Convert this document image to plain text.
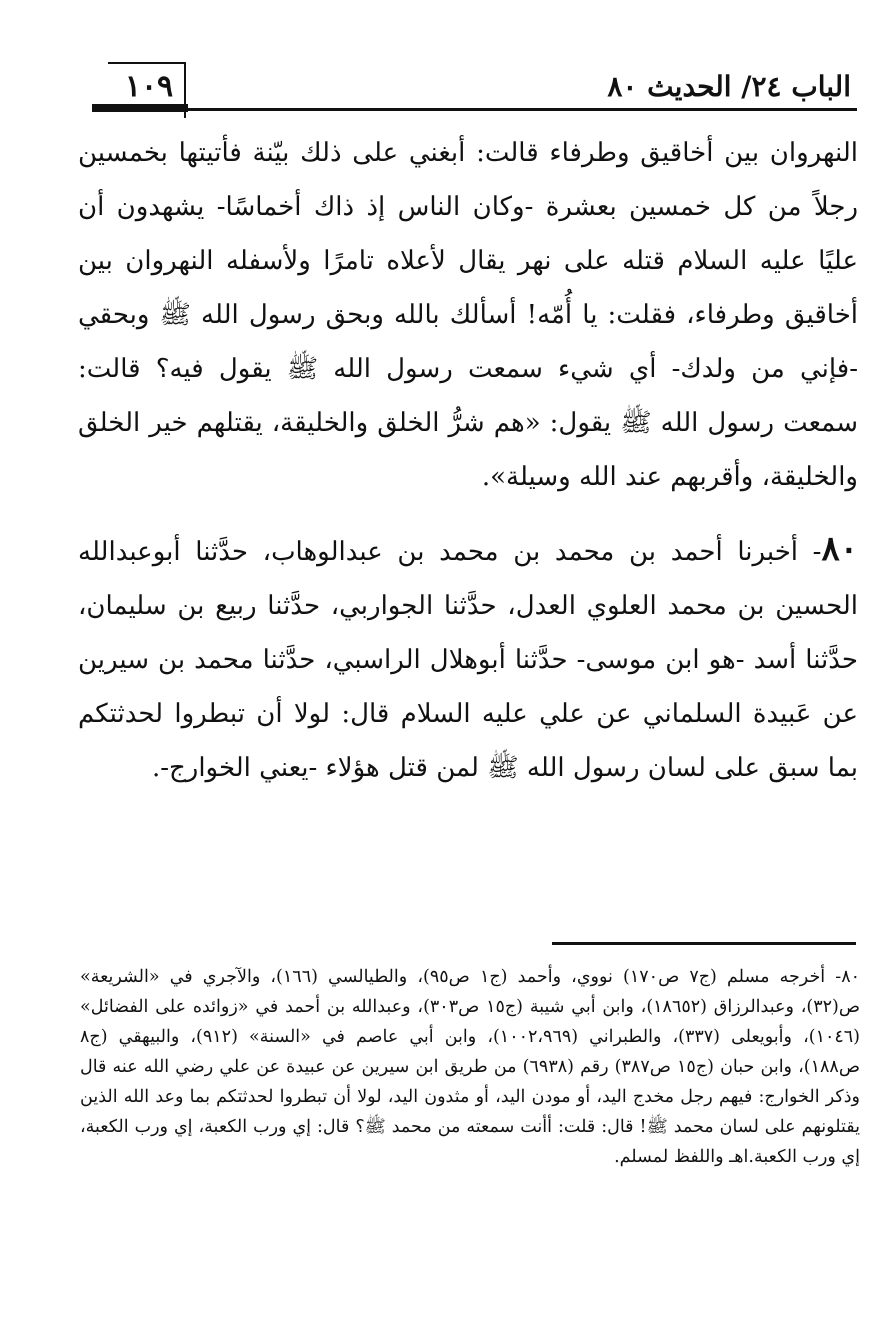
١٠٩	الباب ٢٤/ الحديث ٨٠

النهروان بين أخاقيق وطرفاء قالت: أبغني على ذلك بيّنة فأتيتها بخمسين رجلاً من كل خمسين بعشرة -وكان الناس إذ ذاك أخماسًا- يشهدون أن عليًا عليه السلام قتله على نهر يقال لأعلاه تامرًا ولأسفله النهروان بين أخاقيق وطرفاء، فقلت: يا أُمّه! أسألك بالله وبحق رسول الله ﷺ وبحقي -فإني من ولدك- أي شيء سمعت رسول الله ﷺ يقول فيه؟ قالت: سمعت رسول الله ﷺ يقول: «هم شرُّ الخلق والخليقة، يقتلهم خير الخلق والخليقة، وأقربهم عند الله وسيلة».

٨٠- أخبرنا أحمد بن محمد بن محمد بن عبدالوهاب، حدَّثنا أبوعبدالله الحسين بن محمد العلوي العدل، حدَّثنا الجواربي، حدَّثنا ربيع بن سليمان، حدَّثنا أسد -هو ابن موسى- حدَّثنا أبوهلال الراسبي، حدَّثنا محمد بن سيرين عن عَبيدة السلماني عن علي عليه السلام قال: لولا أن تبطروا لحدثتكم بما سبق على لسان رسول الله ﷺ لمن قتل هؤلاء -يعني الخوارج-.

٨٠- أخرجه مسلم (ج٧ ص١٧٠) نووي، وأحمد (ج١ ص٩٥)، والطيالسي (١٦٦)، والآجري في «الشريعة» ص(٣٢)، وعبدالرزاق (١٨٦٥٢)، وابن أبي شيبة (ج١٥ ص٣٠٣)، وعبدالله بن أحمد في «زوائده على الفضائل» (١٠٤٦)، وأبويعلى (٣٣٧)، والطبراني (١٠٠٢،٩٦٩)، وابن أبي عاصم في «السنة» (٩١٢)، والبيهقي (ج٨ ص١٨٨)، وابن حبان (ج١٥ ص٣٨٧) رقم (٦٩٣٨) من طريق ابن سيرين عن عبيدة عن علي رضي الله عنه قال وذكر الخوارج: فيهم رجل مخدج اليد، أو مودن اليد، أو مثدون اليد، لولا أن تبطروا لحدثتكم بما وعد الله الذين يقتلونهم على لسان محمد ﷺ! قال: قلت: أأنت سمعته من محمد ﷺ؟ قال: إي ورب الكعبة، إي ورب الكعبة، إي ورب الكعبة.اهـ واللفظ لمسلم.
